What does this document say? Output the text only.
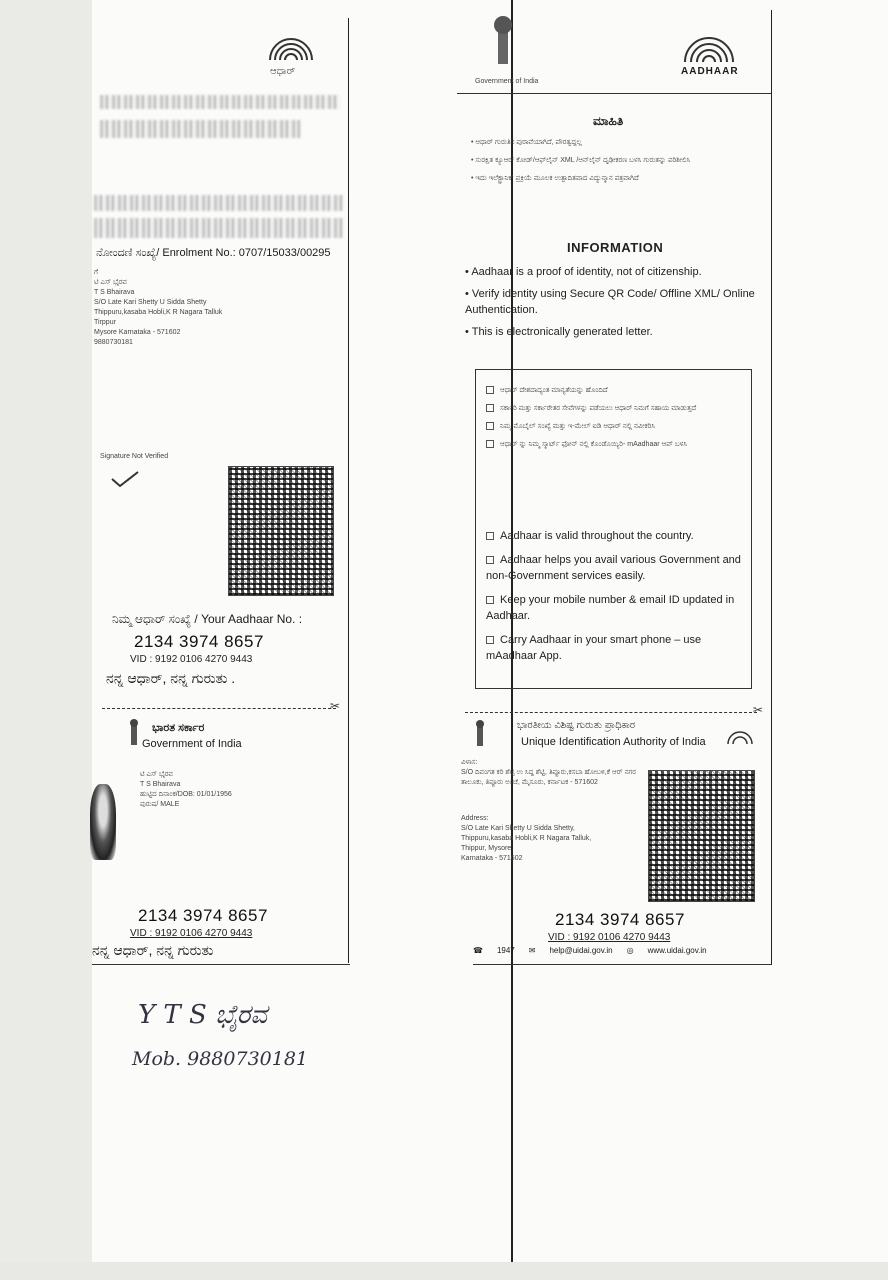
ಆಧಾರ್
ನೋಂದಣಿ ಸಂಖ್ಯೆ/ Enrolment No.: 0707/15033/00295
ಗೆ
ಟಿ ಎಸ್ ಭೈರವ
T S Bhairava
S/O Late Kari Shetty U Sidda Shetty
Thippuru,kasaba Hobli,K R Nagara Talluk
Tirppur
Mysore Karnataka - 571602
9880730181
Signature Not Verified
ನಿಮ್ಮ ಆಧಾರ್ ಸಂಖ್ಯೆ / Your Aadhaar No. :
2134 3974 8657
VID : 9192 0106 4270 9443
ನನ್ನ ಆಧಾರ್, ನನ್ನ ಗುರುತು .
✂
ಭಾರತ ಸರ್ಕಾರ
Government of India
ಟಿ ಎಸ್ ಭೈರವ
T S Bhairava
ಹುಟ್ಟಿದ ದಿನಾಂಕ/DOB: 01/01/1956
ಪುರುಷ/ MALE
2134 3974 8657
VID : 9192 0106 4270 9443
ನನ್ನ ಆಧಾರ್, ನನ್ನ ಗುರುತು
Government of India
AADHAAR
ಮಾಹಿತಿ
• ಆಧಾರ್ ಗುರುತಿನ ಪುರಾವೆಯಾಗಿದೆ, ಪೌರತ್ವದ್ದಲ್ಲ
• ಸುರಕ್ಷಿತ ಕ್ಯೂಆರ್ ಕೋಡ್/ಆಫ್‌ಲೈನ್ XML /ಆನ್‌ಲೈನ್ ದೃಢೀಕರಣ ಬಳಸಿ ಗುರುತನ್ನು ಪರಿಶೀಲಿಸಿ
• ಇದು ಇಲೆಕ್ಟ್ರಾನಿಕ್ ಪ್ರಕ್ರಿಯೆ ಮೂಲಕ ಉತ್ಪಾದಿತವಾದ ವಿದ್ಯುನ್ಮಾನ ಪತ್ರವಾಗಿದೆ
INFORMATION
• Aadhaar is a proof of identity, not of citizenship.
• Verify identity using Secure QR Code/ Offline XML/ Online Authentication.
• This is electronically generated letter.
ಆಧಾರ್ ದೇಶದಾದ್ಯಂತ ಮಾನ್ಯತೆಯನ್ನು ಹೊಂದಿದೆ
ಸರ್ಕಾರಿ ಮತ್ತು ಸರ್ಕಾರೇತರ ಸೇವೆಗಳನ್ನು ಪಡೆಯಲು ಆಧಾರ್ ನಿಮಗೆ ಸಹಾಯ ಮಾಡುತ್ತದೆ
ನಿಮ್ಮ ಮೊಬೈಲ್ ಸಂಖ್ಯೆ ಮತ್ತು ಇ-ಮೇಲ್ ಐಡಿ ಆಧಾರ್ ನಲ್ಲಿ ನವೀಕರಿಸಿ
ಆಧಾರ್ ನ್ನು ನಿಮ್ಮ ಸ್ಮಾರ್ಟ್ ಫೋನ್ ನಲ್ಲಿ ಕೊಂಡೊಯ್ಯಿರಿ- mAadhaar ಆಪ್ ಬಳಸಿ
Aadhaar is valid throughout the country.
Aadhaar helps you avail various Government and non-Government services easily.
Keep your mobile number & email ID updated in Aadhaar.
Carry Aadhaar in your smart phone – use mAadhaar App.
✂
ಭಾರತೀಯ ವಿಶಿಷ್ಟ ಗುರುತು ಪ್ರಾಧಿಕಾರ
Unique Identification Authority of India
ವಿಳಾಸ:
S/O ದಿವಂಗತ ಕರಿ ಶೆಟ್ಟಿ ಉ ಸಿದ್ದ ಶೆಟ್ಟಿ, ತಿಪ್ಪೂರು,ಕಸಬಾ ಹೋಬಳಿ,ಕೆ ಆರ್ ನಗರ ತಾಲೂಕು, ತಿಪ್ಪೂರು ಅಂಚೆ, ಮೈಸೂರು, ಕರ್ನಾಟಕ - 571602
Address:
S/O Late Kari Shetty U Sidda Shetty,
Thippuru,kasaba Hobli,K R Nagara Talluk,
Thippur, Mysore,
Karnataka - 571602
2134 3974 8657
VID : 9192 0106 4270 9443
☎ 1947 ✉ help@uidai.gov.in ◎ www.uidai.gov.in
Y T S ಭೈರವ
Mob. 9880730181
